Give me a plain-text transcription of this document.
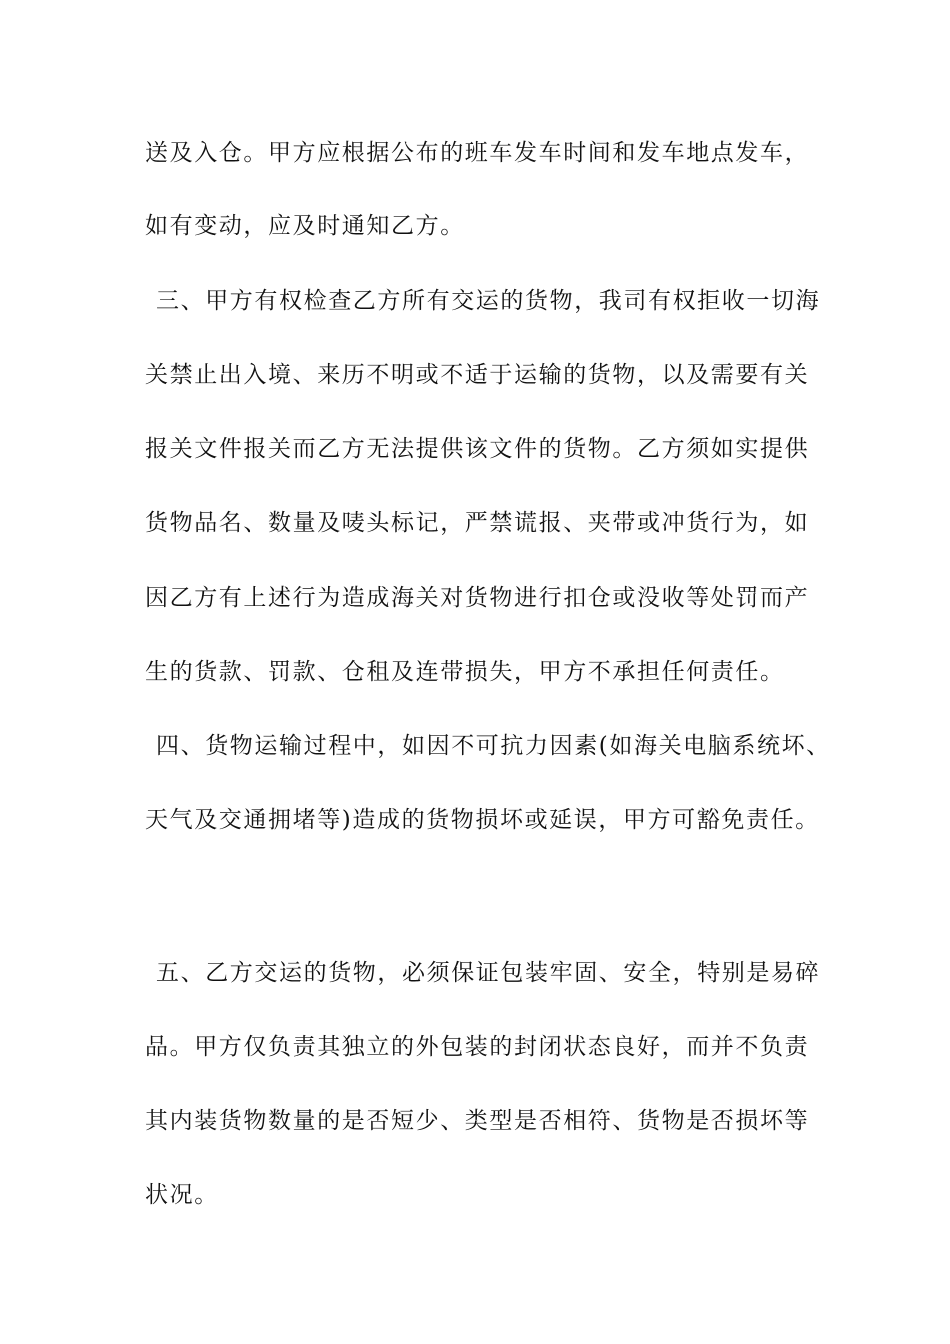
送及入仓。甲方应根据公布的班车发车时间和发车地点发车，
如有变动，应及时通知乙方。
三、甲方有权检查乙方所有交运的货物，我司有权拒收一切海
关禁止出入境、来历不明或不适于运输的货物，以及需要有关
报关文件报关而乙方无法提供该文件的货物。乙方须如实提供
货物品名、数量及唛头标记，严禁谎报、夹带或冲货行为，如
因乙方有上述行为造成海关对货物进行扣仓或没收等处罚而产
生的货款、罚款、仓租及连带损失，甲方不承担任何责任。
四、货物运输过程中，如因不可抗力因素(如海关电脑系统坏、
天气及交通拥堵等)造成的货物损坏或延误，甲方可豁免责任。
五、乙方交运的货物，必须保证包装牢固、安全，特别是易碎
品。甲方仅负责其独立的外包装的封闭状态良好，而并不负责
其内装货物数量的是否短少、类型是否相符、货物是否损坏等
状况。
